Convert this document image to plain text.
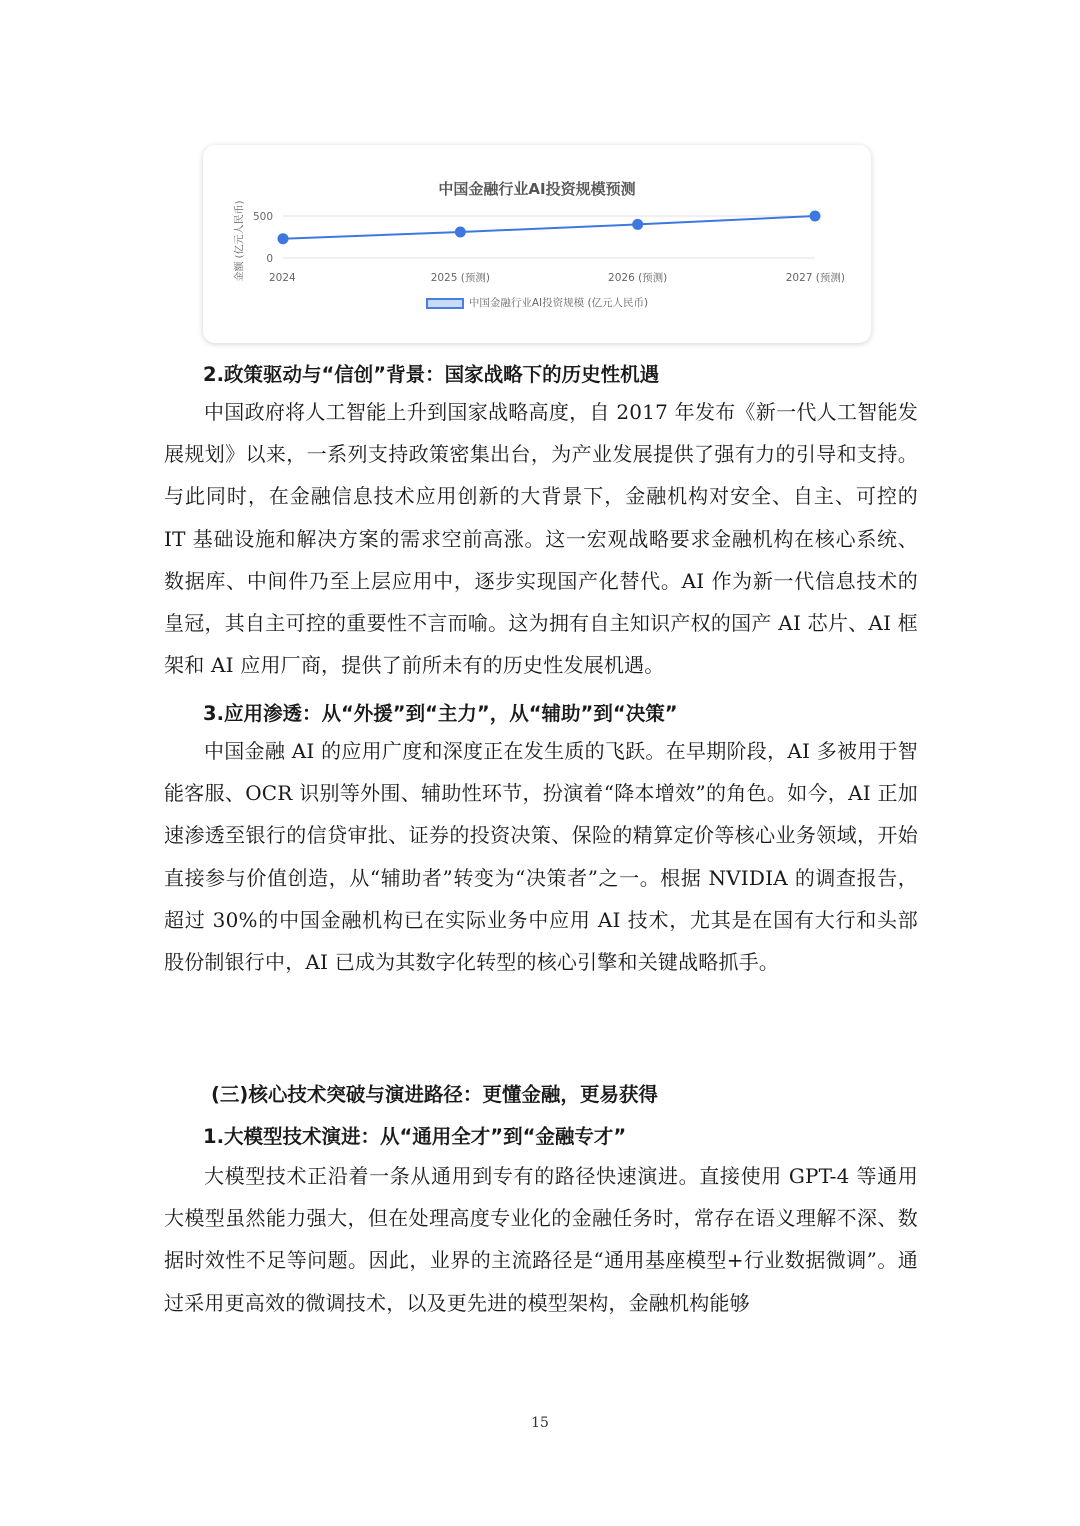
中国金融行业AI投资规模预测
金额 (亿元人民币) 0
500
2024	2025 (预测)	2026 (预测)	2027 (预测)
中国金融行业AI投资规模 (亿元人民币)
2.政策驱动与“信创”背景：国家战略下的历史性机遇

中国政府将人工智能上升到国家战略高度，自 2017 年发布《新一代人工智能发展规划》以来，一系列支持政策密集出台，为产业发展提供了强有力的引导和支持。与此同时，在金融信息技术应用创新的大背景下，金融机构对安全、自主、可控的 IT 基础设施和解决方案的需求空前高涨。这一宏观战略要求金融机构在核心系统、数据库、中间件乃至上层应用中，逐步实现国产化替代。AI 作为新一代信息技术的皇冠，其自主可控的重要性不言而喻。这为拥有自主知识产权的国产 AI 芯片、AI 框架和 AI 应用厂商，提供了前所未有的历史性发展机遇。

3.应用渗透：从“外援”到“主力”，从“辅助”到“决策”

中国金融 AI 的应用广度和深度正在发生质的飞跃。在早期阶段，AI 多被用于智能客服、OCR 识别等外围、辅助性环节，扮演着“降本增效”的角色。如今，AI 正加速渗透至银行的信贷审批、证券的投资决策、保险的精算定价等核心业务领域，开始直接参与价值创造，从“辅助者”转变为“决策者”之一。根据 NVIDIA 的调查报告，超过 30%的中国金融机构已在实际业务中应用 AI 技术，尤其是在国有大行和头部股份制银行中，AI 已成为其数字化转型的核心引擎和关键战略抓手。

(三)核心技术突破与演进路径：更懂金融，更易获得
1.大模型技术演进：从“通用全才”到“金融专才”

大模型技术正沿着一条从通用到专有的路径快速演进。直接使用 GPT-4 等通用大模型虽然能力强大，但在处理高度专业化的金融任务时，常存在语义理解不深、数据时效性不足等问题。因此，业界的主流路径是“通用基座模型+行业数据微调”。通过采用更高效的微调技术，以及更先进的模型架构，金融机构能够

15
